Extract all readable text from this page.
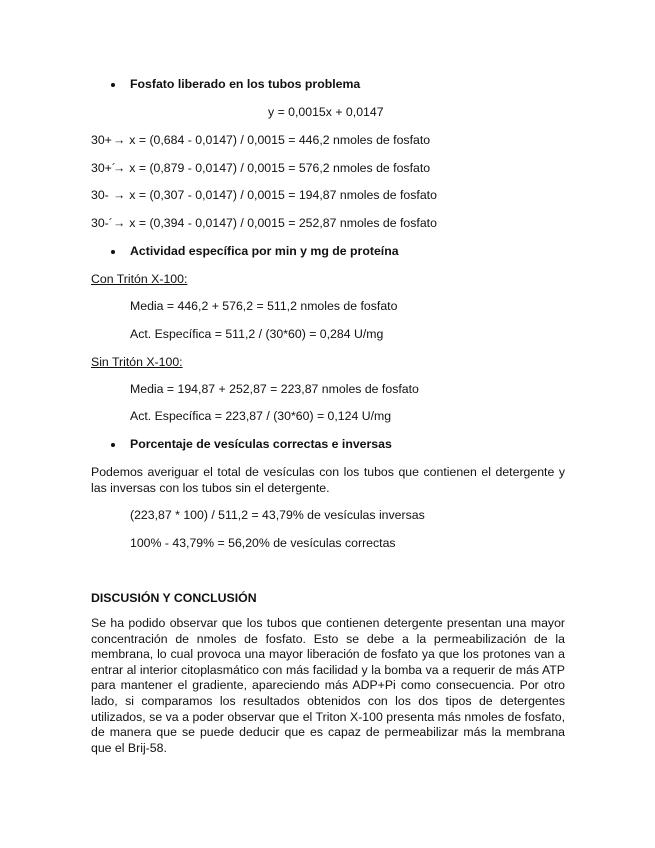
Fosfato liberado en los tubos problema
y = 0,0015x + 0,0147
30+→ x = (0,684 - 0,0147) / 0,0015 = 446,2 nmoles de fosfato
30+´→ x = (0,879 - 0,0147) / 0,0015 = 576,2 nmoles de fosfato
30- → x = (0,307 - 0,0147) / 0,0015 = 194,87 nmoles de fosfato
30-´→ x = (0,394 - 0,0147) / 0,0015 = 252,87 nmoles de fosfato
Actividad específica por min y mg de proteína
Con Tritón X-100:
Media = 446,2 + 576,2 = 511,2 nmoles de fosfato
Act. Específica = 511,2 / (30*60) = 0,284 U/mg
Sin Tritón X-100:
Media = 194,87 + 252,87 = 223,87 nmoles de fosfato
Act. Específica = 223,87 / (30*60) = 0,124 U/mg
Porcentaje de vesículas correctas e inversas
Podemos averiguar el total de vesículas con los tubos que contienen el detergente y las inversas con los tubos sin el detergente.
(223,87 * 100) / 511,2 = 43,79% de vesículas inversas
100% - 43,79% = 56,20% de vesículas correctas
DISCUSIÓN Y CONCLUSIÓN
Se ha podido observar que los tubos que contienen detergente presentan una mayor concentración de nmoles de fosfato. Esto se debe a la permeabilización de la membrana, lo cual provoca una mayor liberación de fosfato ya que los protones van a entrar al interior citoplasmático con más facilidad y la bomba va a requerir de más ATP para mantener el gradiente, apareciendo más ADP+Pi como consecuencia. Por otro lado, si comparamos los resultados obtenidos con los dos tipos de detergentes utilizados, se va a poder observar que el Triton X-100 presenta más nmoles de fosfato, de manera que se puede deducir que es capaz de permeabilizar más la membrana que el Brij-58.
